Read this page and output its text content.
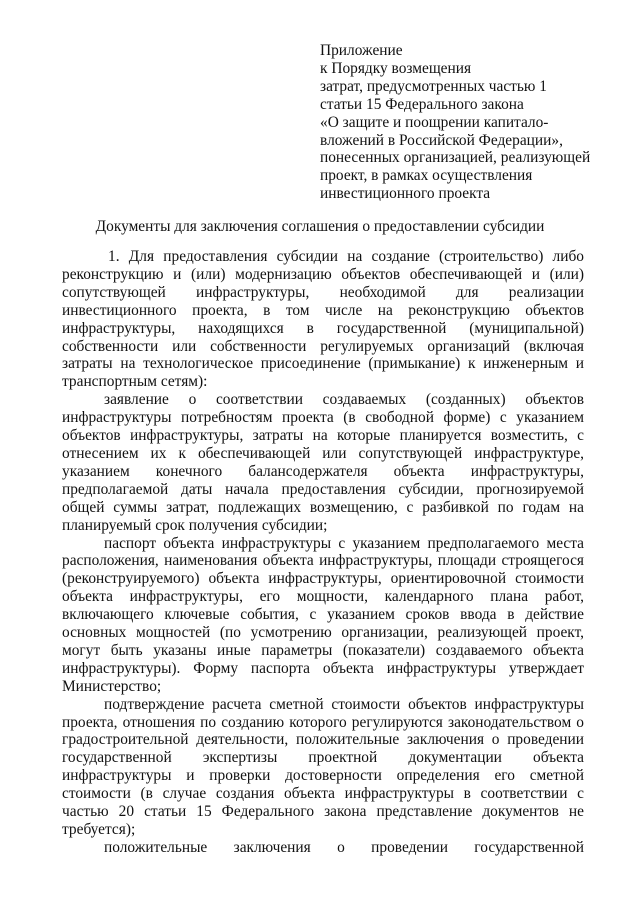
Приложение
к Порядку возмещения
затрат, предусмотренных частью 1
статьи 15 Федерального закона
«О защите и поощрении капитало-
вложений в Российской Федерации»,
понесенных организацией, реализующей
проект, в рамках осуществления
инвестиционного проекта
Документы для заключения соглашения о предоставлении субсидии

1. Для предоставления субсидии на создание (строительство) либо реконструкцию и (или) модернизацию объектов обеспечивающей и (или) сопутствующей инфраструктуры, необходимой для реализации инвестиционного проекта, в том числе на реконструкцию объектов инфраструктуры, находящихся в государственной (муниципальной) собственности или собственности регулируемых организаций (включая затраты на технологическое присоединение (примыкание) к инженерным и транспортным сетям):

заявление о соответствии создаваемых (созданных) объектов инфраструктуры потребностям проекта (в свободной форме) с указанием объектов инфраструктуры, затраты на которые планируется возместить, с отнесением их к обеспечивающей или сопутствующей инфраструктуре, указанием конечного балансодержателя объекта инфраструктуры, предполагаемой даты начала предоставления субсидии, прогнозируемой общей суммы затрат, подлежащих возмещению, с разбивкой по годам на планируемый срок получения субсидии;

паспорт объекта инфраструктуры с указанием предполагаемого места расположения, наименования объекта инфраструктуры, площади строящегося (реконструируемого) объекта инфраструктуры, ориентировочной стоимости объекта инфраструктуры, его мощности, календарного плана работ, включающего ключевые события, с указанием сроков ввода в действие основных мощностей (по усмотрению организации, реализующей проект, могут быть указаны иные параметры (показатели) создаваемого объекта инфраструктуры). Форму паспорта объекта инфраструктуры утверждает Министерство;

подтверждение расчета сметной стоимости объектов инфраструктуры проекта, отношения по созданию которого регулируются законодательством о градостроительной деятельности, положительные заключения о проведении государственной экспертизы проектной документации объекта инфраструктуры и проверки достоверности определения его сметной стоимости (в случае создания объекта инфраструктуры в соответствии с частью 20 статьи 15 Федерального закона представление документов не требуется);

положительные заключения о проведении государственной
